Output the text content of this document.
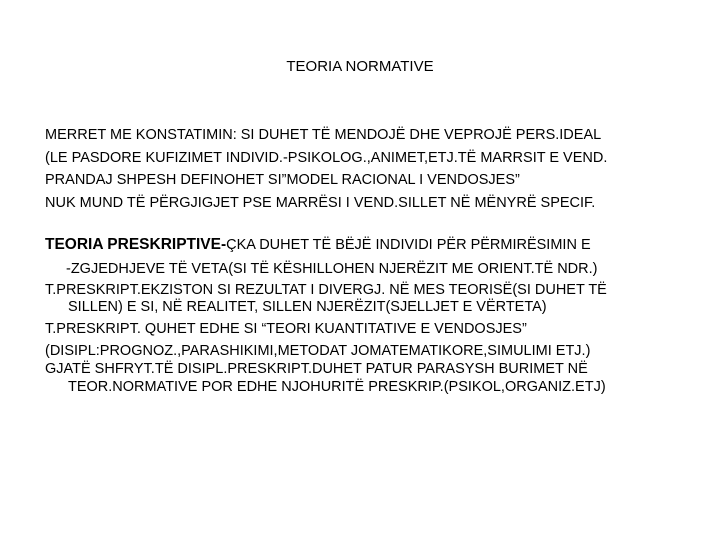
TEORIA NORMATIVE
MERRET ME KONSTATIMIN: SI DUHET TË MENDOJË DHE VEPROJË PERS.IDEAL
(LE PASDORE KUFIZIMET INDIVID.-PSIKOLOG.,ANIMET,ETJ.TË MARRSIT E VEND.
PRANDAJ SHPESH DEFINOHET SI”MODEL RACIONAL I VENDOSJES”
NUK MUND TË PËRGJIGJET PSE MARRËSI I VEND.SILLET NË MËNYRË SPECIF.
TEORIA PRESKRIPTIVE-ÇKA DUHET TË BËJË INDIVIDI PËR PËRMIRËSIMIN E
-ZGJEDHJEVE TË VETA(SI TË KËSHILLOHEN NJERËZIT ME ORIENT.TË NDR.)
T.PRESKRIPT.EKZISTON SI REZULTAT I DIVERGJ. NË MES TEORISË(SI DUHET TË
SILLEN) E SI, NË REALITET, SILLEN NJERËZIT(SJELLJET E VËRTETA)
T.PRESKRIPT. QUHET EDHE SI “TEORI KUANTITATIVE E VENDOSJES”
(DISIPL:PROGNOZ.,PARASHIKIMI,METODAT JOMATEMATIKORE,SIMULIMI ETJ.)
GJATË SHFRYT.TË DISIPL.PRESKRIPT.DUHET PATUR PARASYSH BURIMET NË
TEOR.NORMATIVE POR EDHE NJOHURITË PRESKRIP.(PSIKOL,ORGANIZ.ETJ)
